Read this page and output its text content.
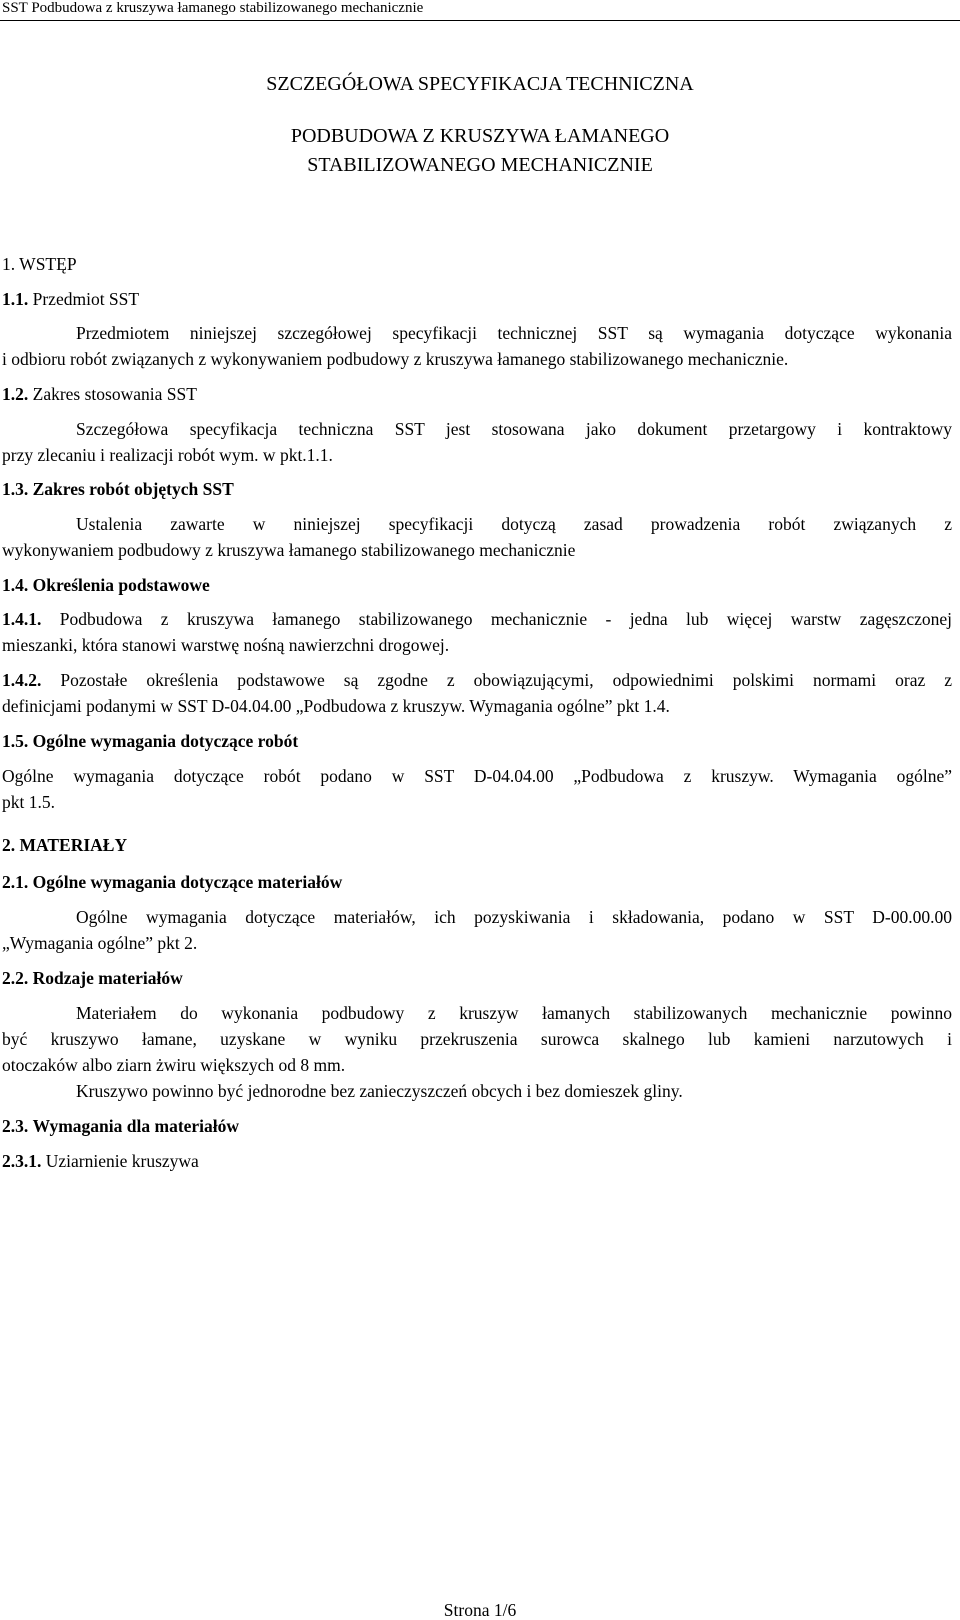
SST Podbudowa z kruszywa łamanego stabilizowanego mechanicznie
SZCZEGÓŁOWA SPECYFIKACJA TECHNICZNA
PODBUDOWA Z KRUSZYWA ŁAMANEGO
STABILIZOWANEGO MECHANICZNIE
1. WSTĘP
1.1. Przedmiot SST
Przedmiotem niniejszej szczegółowej specyfikacji technicznej SST są wymagania dotyczące wykonania
i odbioru robót związanych z wykonywaniem podbudowy z kruszywa łamanego stabilizowanego mechanicznie.
1.2. Zakres stosowania SST
Szczegółowa specyfikacja techniczna SST jest stosowana jako dokument przetargowy i kontraktowy
przy zlecaniu i realizacji robót wym. w pkt.1.1.
1.3. Zakres robót objętych SST
Ustalenia zawarte w niniejszej specyfikacji dotyczą zasad prowadzenia robót związanych z
wykonywaniem podbudowy z kruszywa łamanego stabilizowanego mechanicznie
1.4. Określenia podstawowe
1.4.1. Podbudowa z kruszywa łamanego stabilizowanego mechanicznie - jedna lub więcej warstw zagęszczonej
mieszanki, która stanowi warstwę nośną nawierzchni drogowej.
1.4.2. Pozostałe określenia podstawowe są zgodne z obowiązującymi, odpowiednimi polskimi normami oraz z
definicjami podanymi w SST D-04.04.00 „Podbudowa z kruszyw. Wymagania ogólne” pkt 1.4.
1.5. Ogólne wymagania dotyczące robót
Ogólne wymagania dotyczące robót podano w SST D-04.04.00 „Podbudowa z kruszyw. Wymagania ogólne”
pkt 1.5.
2. MATERIAŁY
2.1. Ogólne wymagania dotyczące materiałów
Ogólne wymagania dotyczące materiałów, ich pozyskiwania i składowania, podano w SST D-00.00.00
„Wymagania ogólne” pkt 2.
2.2. Rodzaje materiałów
Materiałem do wykonania podbudowy z kruszyw łamanych stabilizowanych mechanicznie powinno
być kruszywo łamane, uzyskane w wyniku przekruszenia surowca skalnego lub kamieni narzutowych i
otoczaków albo ziarn żwiru większych od 8 mm.
Kruszywo powinno być jednorodne bez zanieczyszczeń obcych i bez domieszek gliny.
2.3. Wymagania dla materiałów
2.3.1. Uziarnienie kruszywa
Strona 1/6
